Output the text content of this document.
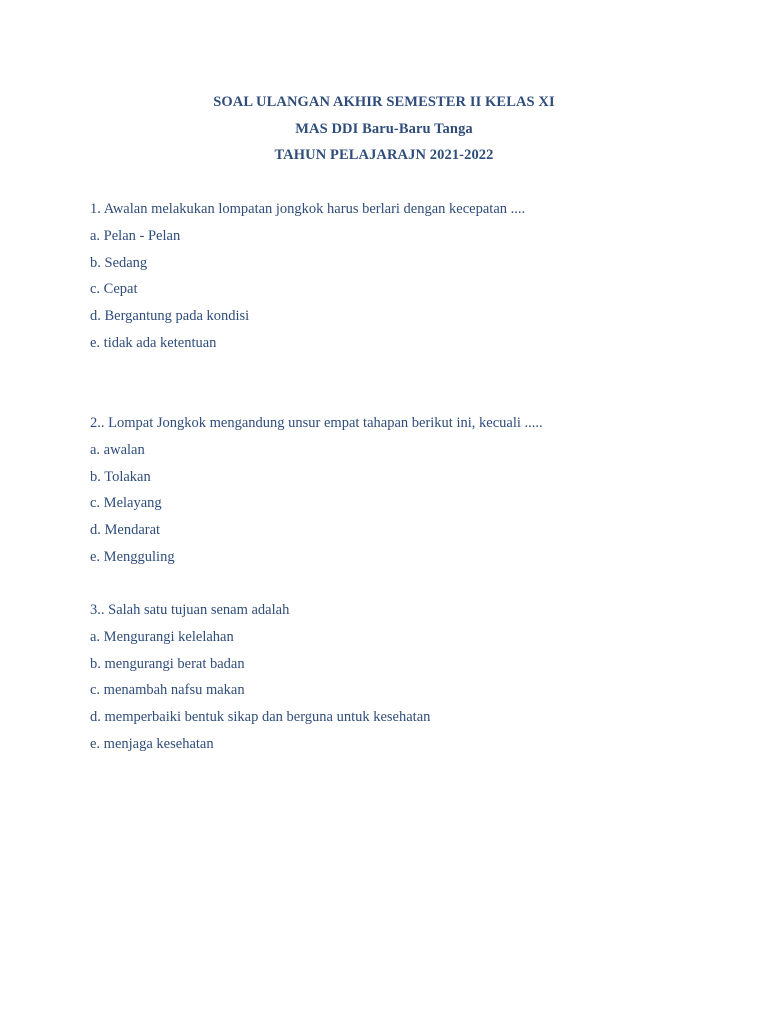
SOAL ULANGAN AKHIR SEMESTER II KELAS XI
MAS DDI Baru-Baru Tanga
TAHUN PELAJARAJN 2021-2022
1. Awalan melakukan lompatan jongkok harus berlari dengan kecepatan ....
a. Pelan - Pelan
b. Sedang
c. Cepat
d. Bergantung pada kondisi
e. tidak ada ketentuan
2.. Lompat Jongkok mengandung unsur empat tahapan berikut ini, kecuali .....
a. awalan
b. Tolakan
c. Melayang
d. Mendarat
e. Mengguling
3.. Salah satu tujuan senam adalah
a. Mengurangi kelelahan
b. mengurangi berat badan
c. menambah nafsu makan
d. memperbaiki bentuk sikap dan berguna untuk kesehatan
e. menjaga kesehatan
